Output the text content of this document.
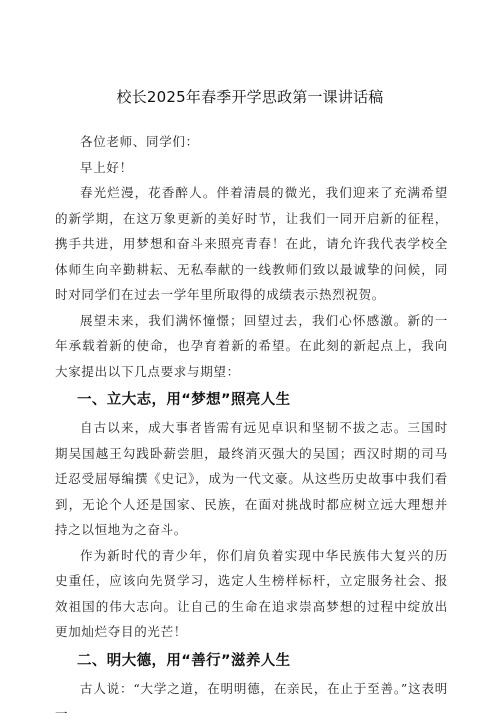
校长2025年春季开学思政第一课讲话稿

各位老师、同学们：

早上好！

春光烂漫，花香醉人。伴着清晨的微光，我们迎来了充满希望的新学期，在这万象更新的美好时节，让我们一同开启新的征程，携手共进，用梦想和奋斗来照亮青春！在此，请允许我代表学校全体师生向辛勤耕耘、无私奉献的一线教师们致以最诚挚的问候，同时对同学们在过去一学年里所取得的成绩表示热烈祝贺。

展望未来，我们满怀憧憬；回望过去，我们心怀感激。新的一年承载着新的使命，也孕育着新的希望。在此刻的新起点上，我向大家提出以下几点要求与期望：

一、立大志，用“梦想”照亮人生

自古以来，成大事者皆需有远见卓识和坚韧不拔之志。三国时期吴国越王勾践卧薪尝胆，最终消灭强大的吴国；西汉时期的司马迁忍受屈辱编撰《史记》，成为一代文豪。从这些历史故事中我们看到，无论个人还是国家、民族，在面对挑战时都应树立远大理想并持之以恒地为之奋斗。

作为新时代的青少年，你们肩负着实现中华民族伟大复兴的历史重任，应该向先贤学习，选定人生榜样标杆，立定服务社会、报效祖国的伟大志向。让自己的生命在追求崇高梦想的过程中绽放出更加灿烂夺目的光芒！

二、明大德，用“善行”滋养人生

古人说：“大学之道，在明明德，在亲民，在止于至善。”这表明一
